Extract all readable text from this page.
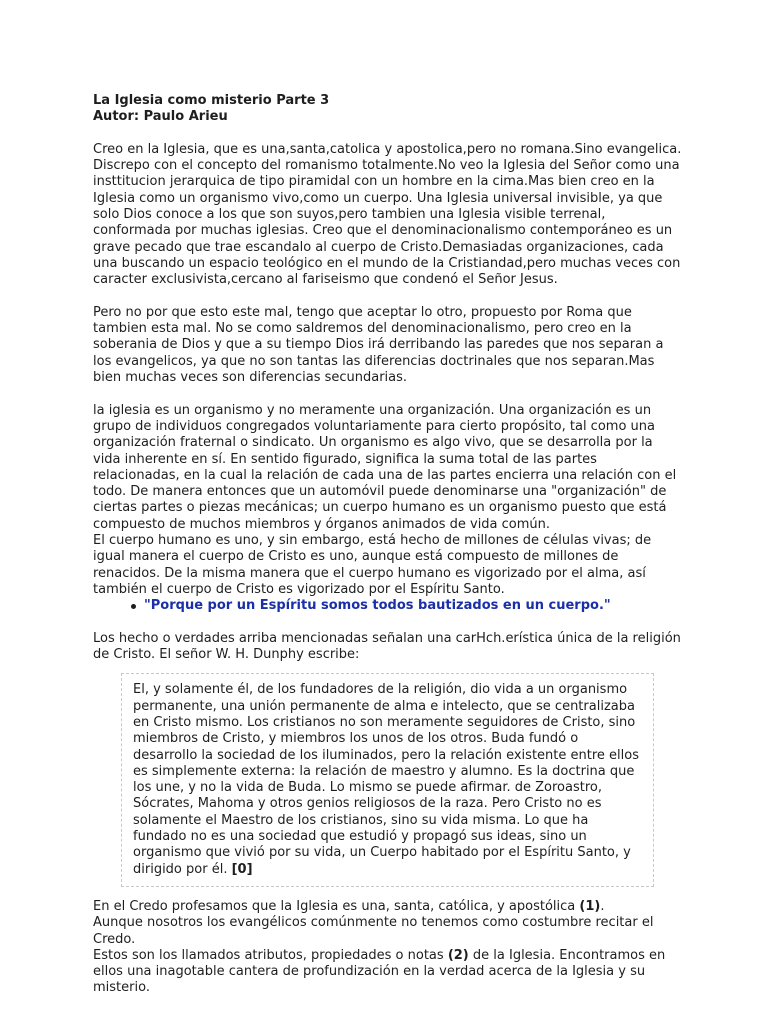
La Iglesia como misterio Parte 3

Autor: Paulo Arieu

Creo en la Iglesia, que es una,santa,catolica y apostolica,pero no romana.Sino evangelica. Discrepo con el concepto del romanismo totalmente.No veo la Iglesia del Señor como una insttitucion jerarquica de tipo piramidal con un hombre en la cima.Mas bien creo en la Iglesia como un organismo vivo,como un cuerpo. Una Iglesia universal invisible, ya que solo Dios conoce a los que son suyos,pero tambien una Iglesia visible terrenal, conformada por muchas iglesias. Creo que el denominacionalismo contemporáneo es un grave pecado que trae escandalo al cuerpo de Cristo.Demasiadas organizaciones, cada una buscando un espacio teológico en el mundo de la Cristiandad,pero muchas veces con caracter exclusivista,cercano al fariseismo que condenó el Señor Jesus.

Pero no por que esto este mal, tengo que aceptar lo otro, propuesto por Roma que tambien esta mal. No se como saldremos del denominacionalismo, pero creo en la soberania de Dios y que a su tiempo Dios irá derribando las paredes que nos separan a los evangelicos, ya que no son tantas las diferencias doctrinales que nos separan.Mas bien muchas veces son diferencias secundarias.

la iglesia es un organismo y no meramente una organización. Una organización es un grupo de individuos congregados voluntariamente para cierto propósito, tal como una organización fraternal o sindicato. Un organismo es algo vivo, que se desarrolla por la vida inherente en sí. En sentido figurado, significa la suma total de las partes relacionadas, en la cual la relación de cada una de las partes encierra una relación con el todo. De manera entonces que un automóvil puede denominarse una "organización" de ciertas partes o piezas mecánicas; un cuerpo humano es un organismo puesto que está compuesto de muchos miembros y órganos animados de vida común.

El cuerpo humano es uno, y sin embargo, está hecho de millones de células vivas; de igual manera el cuerpo de Cristo es uno, aunque está compuesto de millones de renacidos. De la misma manera que el cuerpo humano es vigorizado por el alma, así también el cuerpo de Cristo es vigorizado por el Espíritu Santo.

"Porque por un Espíritu somos todos bautizados en un cuerpo."

Los hecho o verdades arriba mencionadas señalan una carHch.erística única de la religión de Cristo. El señor W. H. Dunphy escribe:

El, y solamente él, de los fundadores de la religión, dio vida a un organismo permanente, una unión permanente de alma e intelecto, que se centralizaba en Cristo mismo. Los cristianos no son meramente seguidores de Cristo, sino miembros de Cristo, y miembros los unos de los otros. Buda fundó o desarrollo la sociedad de los iluminados, pero la relación existente entre ellos es simplemente externa: la relación de maestro y alumno. Es la doctrina que los une, y no la vida de Buda. Lo mismo se puede afirmar. de Zoroastro, Sócrates, Mahoma y otros genios religiosos de la raza. Pero Cristo no es solamente el Maestro de los cristianos, sino su vida misma. Lo que ha fundado no es una sociedad que estudió y propagó sus ideas, sino un organismo que vivió por su vida, un Cuerpo habitado por el Espíritu Santo, y dirigido por él. [0]

En el Credo profesamos que la Iglesia es una, santa, católica, y apostólica (1).

Aunque nosotros los evangélicos comúnmente no tenemos como costumbre recitar el Credo.

Estos son los llamados atributos, propiedades o notas (2) de la Iglesia. Encontramos en ellos una inagotable cantera de profundización en la verdad acerca de la Iglesia y su misterio.
